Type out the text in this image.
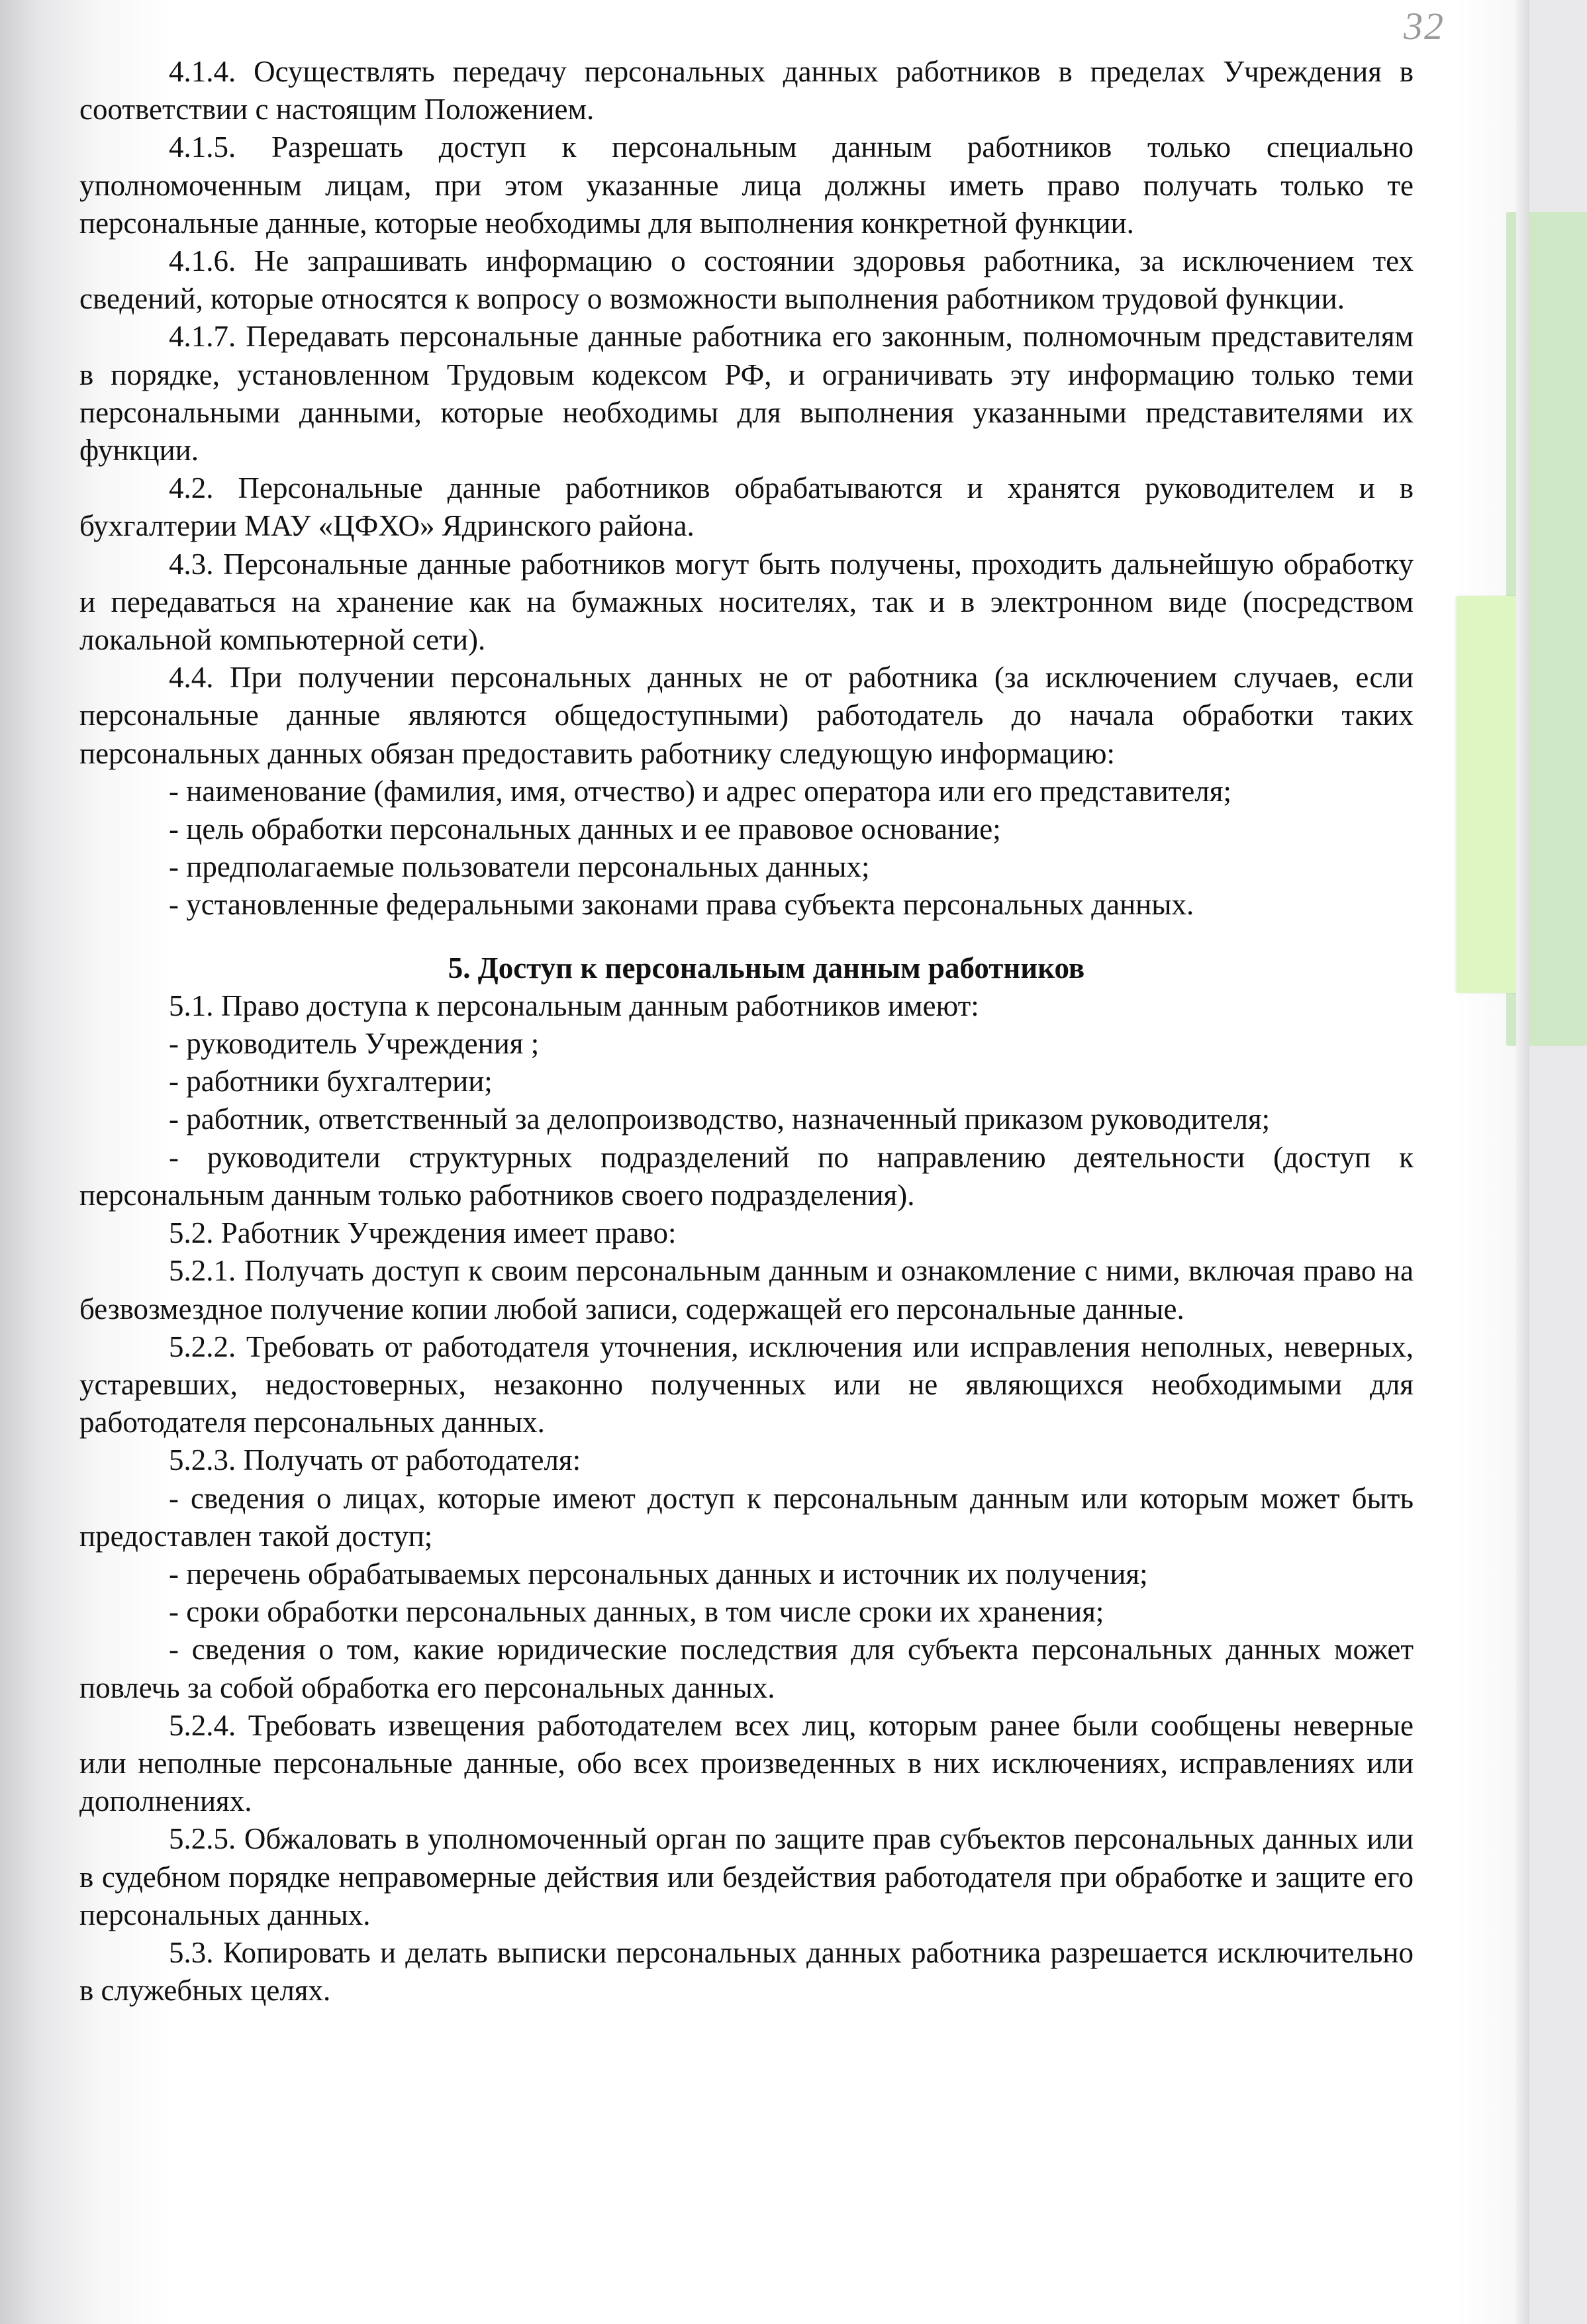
32

4.1.4. Осуществлять передачу персональных данных работников в пределах Учреждения в соответствии с настоящим Положением.

4.1.5. Разрешать доступ к персональным данным работников только специально уполномоченным лицам, при этом указанные лица должны иметь право получать только те персональные данные, которые необходимы для выполнения конкретной функции.

4.1.6. Не запрашивать информацию о состоянии здоровья работника, за исключением тех сведений, которые относятся к вопросу о возможности выполнения работником трудовой функции.

4.1.7. Передавать персональные данные работника его законным, полномочным представителям в порядке, установленном Трудовым кодексом РФ, и ограничивать эту информацию только теми персональными данными, которые необходимы для выполнения указанными представителями их функции.

4.2. Персональные данные работников обрабатываются и хранятся руководителем и в бухгалтерии МАУ «ЦФХО» Ядринского района.

4.3. Персональные данные работников могут быть получены, проходить дальнейшую обработку и передаваться на хранение как на бумажных носителях, так и в электронном виде (посредством локальной компьютерной сети).

4.4. При получении персональных данных не от работника (за исключением случаев, если персональные данные являются общедоступными) работодатель до начала обработки таких персональных данных обязан предоставить работнику следующую информацию:

- наименование (фамилия, имя, отчество) и адрес оператора или его представителя;

- цель обработки персональных данных и ее правовое основание;

- предполагаемые пользователи персональных данных;

- установленные федеральными законами права субъекта персональных данных.

5. Доступ к персональным данным работников

5.1. Право доступа к персональным данным работников имеют:

- руководитель Учреждения ;

- работники бухгалтерии;

- работник, ответственный за делопроизводство, назначенный приказом руководителя;

- руководители структурных подразделений по направлению деятельности (доступ к персональным данным только работников своего подразделения).

5.2. Работник Учреждения имеет право:

5.2.1. Получать доступ к своим персональным данным и ознакомление с ними, включая право на безвозмездное получение копии любой записи, содержащей его персональные данные.

5.2.2. Требовать от работодателя уточнения, исключения или исправления неполных, неверных, устаревших, недостоверных, незаконно полученных или не являющихся необходимыми для работодателя персональных данных.

5.2.3. Получать от работодателя:

- сведения о лицах, которые имеют доступ к персональным данным или которым может быть предоставлен такой доступ;

- перечень обрабатываемых персональных данных и источник их получения;

- сроки обработки персональных данных, в том числе сроки их хранения;

- сведения о том, какие юридические последствия для субъекта персональных данных может повлечь за собой обработка его персональных данных.

5.2.4. Требовать извещения работодателем всех лиц, которым ранее были сообщены неверные или неполные персональные данные, обо всех произведенных в них исключениях, исправлениях или дополнениях.

5.2.5. Обжаловать в уполномоченный орган по защите прав субъектов персональных данных или в судебном порядке неправомерные действия или бездействия работодателя при обработке и защите его персональных данных.

5.3. Копировать и делать выписки персональных данных работника разрешается исключительно в служебных целях.
